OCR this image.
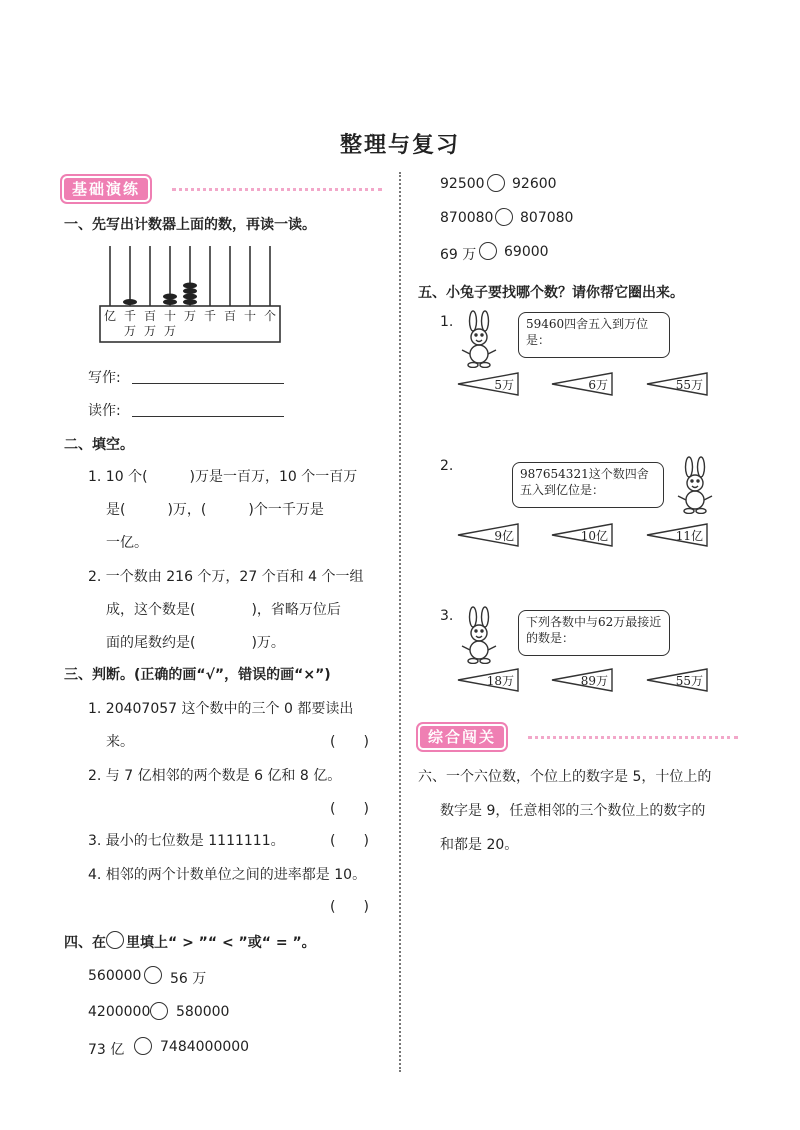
整理与复习
基础演练
一、先写出计数器上面的数，再读一读。
亿 千 百 十 万 千 百 十 个
万 万 万
写作:
读作:
二、填空。
1. 10 个(　　　)万是一百万，10 个一百万
是(　　　)万，(　　　)个一千万是
一亿。
2. 一个数由 216 个万，27 个百和 4 个一组
成，这个数是(　　　　)，省略万位后
面的尾数约是(　　　　)万。
三、判断。(正确的画“√”，错误的画“×”)
1. 20407057 这个数中的三个 0 都要读出
来。	(　　)
2. 与 7 亿相邻的两个数是 6 亿和 8 亿。
(　　)
3. 最小的七位数是 1111111。	(　　)
4. 相邻的两个计数单位之间的进率都是 10。
(　　)
四、在 里填上“ > ”“ < ”或“ = ”。
560000 56 万
4200000 580000
73 亿	7484000000
92500 92600
870080 807080
69 万 69000
五、小兔子要找哪个数？请你帮它圈出来。
1.	59460四舍五入到万位是：
5万	6万	55万
2.	987654321这个数四舍五入到亿位是：
9亿	10亿	11亿
3.	下列各数中与62万最接近的数是：
18万	89万	55万
综合闯关
六、一个六位数，个位上的数字是 5，十位上的
数字是 9，任意相邻的三个数位上的数字的
和都是 20。
